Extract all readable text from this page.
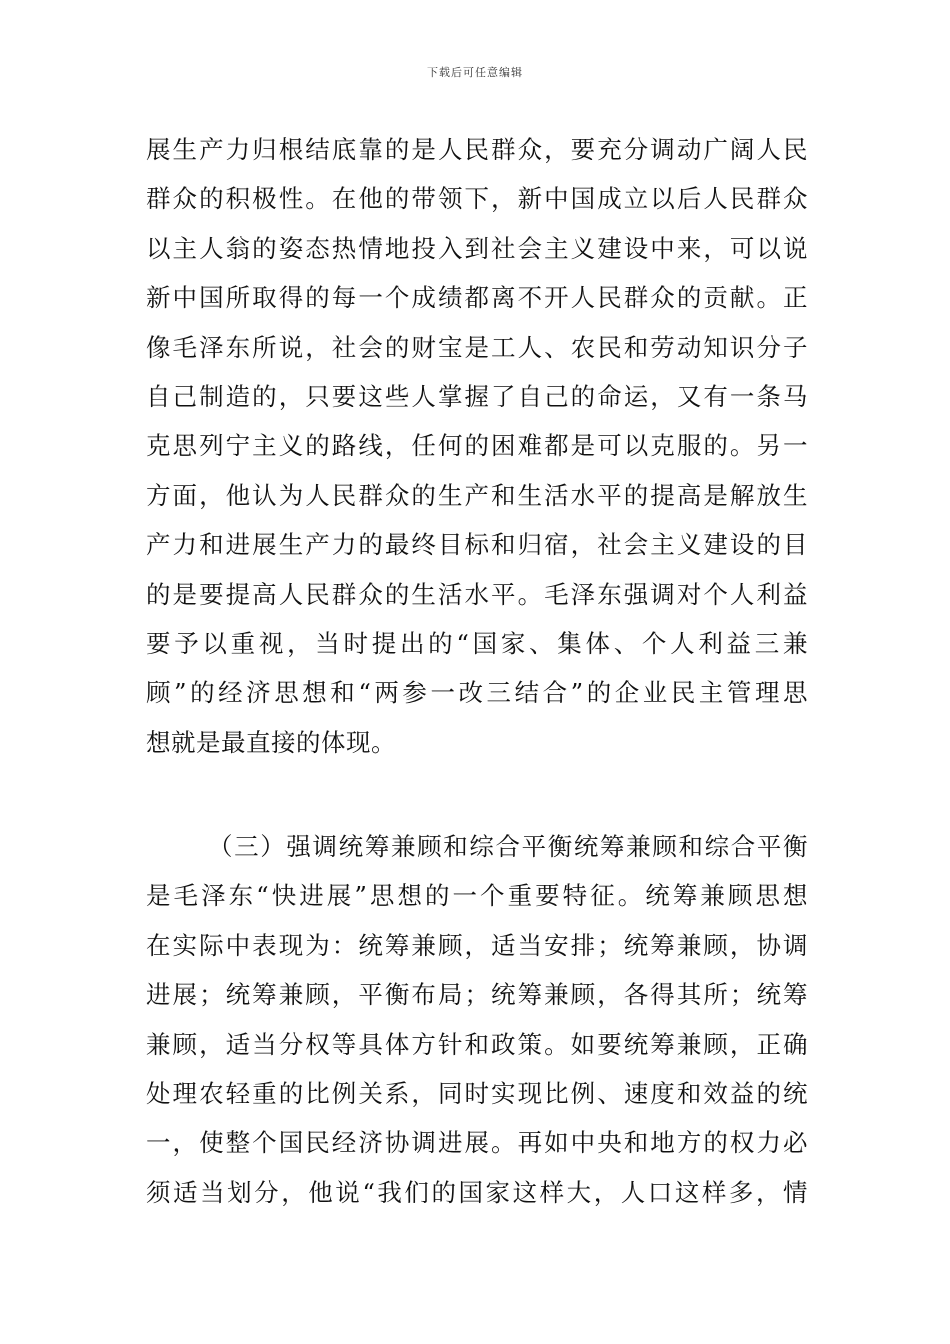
下载后可任意编辑
展生产力归根结底靠的是人民群众，要充分调动广阔人民
群众的积极性。在他的带领下，新中国成立以后人民群众
以主人翁的姿态热情地投入到社会主义建设中来，可以说
新中国所取得的每一个成绩都离不开人民群众的贡献。正
像毛泽东所说，社会的财宝是工人、农民和劳动知识分子
自己制造的，只要这些人掌握了自己的命运，又有一条马
克思列宁主义的路线，任何的困难都是可以克服的。另一
方面，他认为人民群众的生产和生活水平的提高是解放生
产力和进展生产力的最终目标和归宿，社会主义建设的目
的是要提高人民群众的生活水平。毛泽东强调对个人利益
要予以重视，当时提出的“国家、集体、个人利益三兼
顾”的经济思想和“两参一改三结合”的企业民主管理思
想就是最直接的体现。
（三）强调统筹兼顾和综合平衡统筹兼顾和综合平衡
是毛泽东“快进展”思想的一个重要特征。统筹兼顾思想
在实际中表现为：统筹兼顾，适当安排；统筹兼顾，协调
进展；统筹兼顾，平衡布局；统筹兼顾，各得其所；统筹
兼顾，适当分权等具体方针和政策。如要统筹兼顾，正确
处理农轻重的比例关系，同时实现比例、速度和效益的统
一，使整个国民经济协调进展。再如中央和地方的权力必
须适当划分，他说“我们的国家这样大，人口这样多，情
